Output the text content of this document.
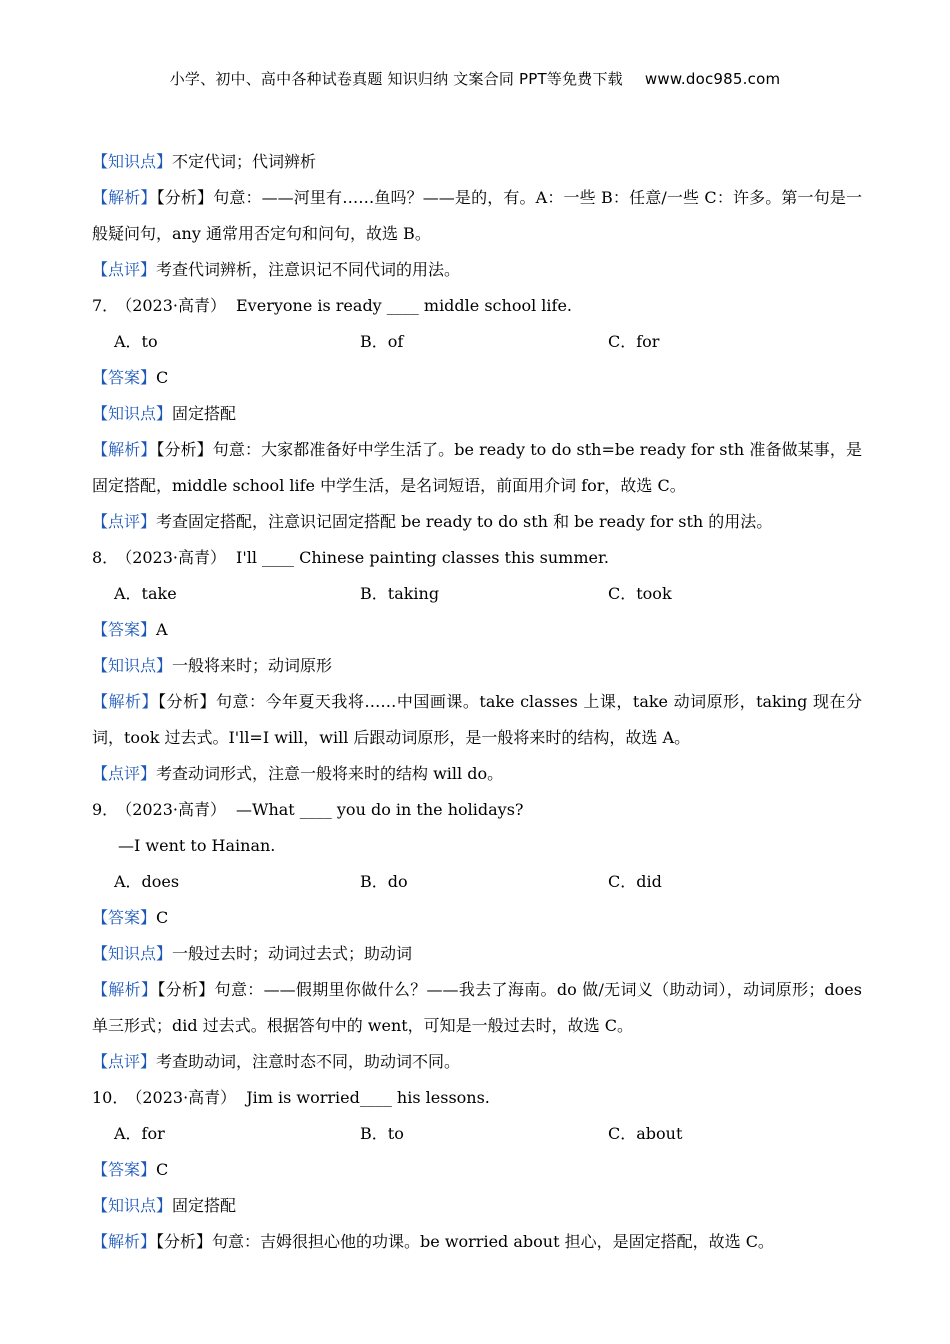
小学、初中、高中各种试卷真题 知识归纳 文案合同 PPT等免费下载 www.doc985.com
【知识点】不定代词；代词辨析
【解析】【分析】句意：——河里有……鱼吗？——是的，有。A：一些 B：任意/一些 C：许多。第一句是一般疑问句，any 通常用否定句和问句，故选 B。
【点评】考查代词辨析，注意识记不同代词的用法。
7． （2023·高青） Everyone is ready ____ middle school life.
A．to	B．of	C．for
【答案】C
【知识点】固定搭配
【解析】【分析】句意：大家都准备好中学生活了。be ready to do sth=be ready for sth 准备做某事，是固定搭配，middle school life 中学生活，是名词短语，前面用介词 for，故选 C。
【点评】考查固定搭配，注意识记固定搭配 be ready to do sth 和 be ready for sth 的用法。
8． （2023·高青） I'll ____ Chinese painting classes this summer.
A．take	B．taking	C．took
【答案】A
【知识点】一般将来时；动词原形
【解析】【分析】句意：今年夏天我将……中国画课。take classes 上课，take 动词原形，taking 现在分词，took 过去式。I'll=I will，will 后跟动词原形，是一般将来时的结构，故选 A。
【点评】考查动词形式，注意一般将来时的结构 will do。
9． （2023·高青） —What ____ you do in the holidays?
—I went to Hainan.
A．does	B．do	C．did
【答案】C
【知识点】一般过去时；动词过去式；助动词
【解析】【分析】句意：——假期里你做什么？——我去了海南。do 做/无词义（助动词），动词原形；does 单三形式；did 过去式。根据答句中的 went，可知是一般过去时，故选 C。
【点评】考查助动词，注意时态不同，助动词不同。
10． （2023·高青） Jim is worried____ his lessons.
A．for	B．to	C．about
【答案】C
【知识点】固定搭配
【解析】【分析】句意：吉姆很担心他的功课。be worried about 担心，是固定搭配，故选 C。
